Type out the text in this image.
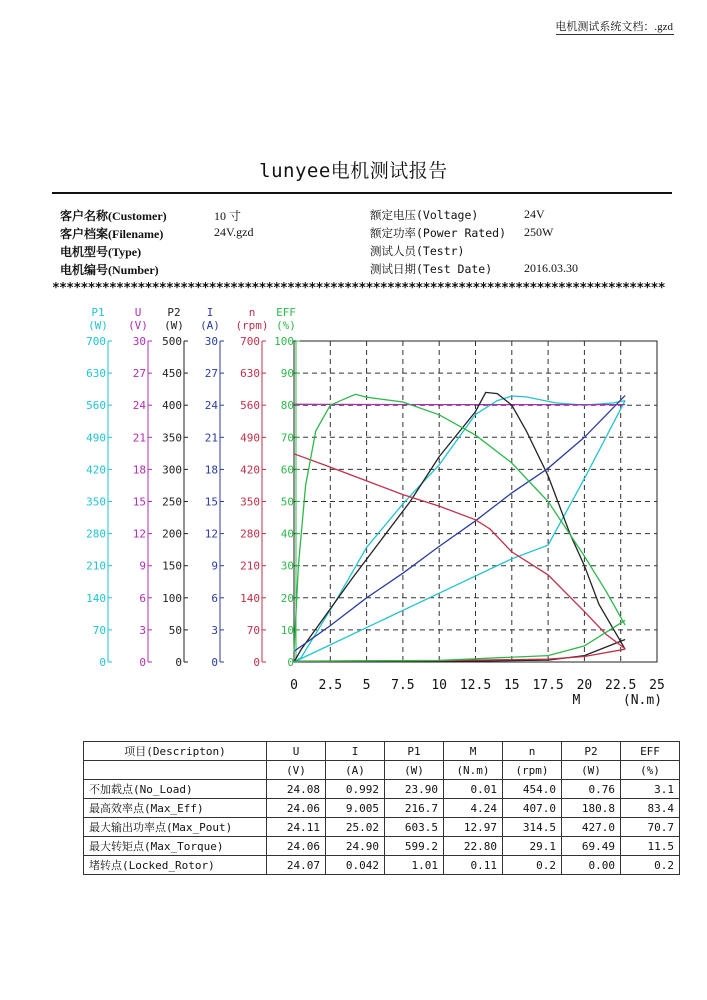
电机测试系统文档：.gzd
lunyee电机测试报告
客户名称(Customer)	10 寸
客户档案(Filename)	24V.gzd
电机型号(Type)
电机编号(Number)
额定电压(Voltage)	24V
额定功率(Power Rated) 250W
测试人员(Testr)
测试日期(Test Date)	2016.03.30
**************************************************************************************
P1
(W)
700
630
560
490
420
350
280
210
140
70
0
U
(V)
30
27
24
21
18
15
12
9
6
3
0
P2
(W)
500
450
400
350
300
250
200
150
100
50
0
I
(A)
30
27
24
21
18
15
12
9
6
3
0
n
(rpm)
700
630
560
490
420
350
280
210
140
70
0
EFF
(%)
100
90
80
70
60
50
40
30
20
10
0
0 2.5 5 7.5 10 12.5 15 17.5 20 22.5 25
M	(N.m)
项目(Descripton)	U	I	P1	M	n	P2	EFF
	(V)	(A)	(W)	(N.m)	(rpm)	(W)	(%)
不加载点(No_Load)	24.08	0.992	23.90	0.01	454.0	0.76	3.1
最高效率点(Max_Eff)	24.06	9.005	216.7	4.24	407.0	180.8	83.4
最大输出功率点(Max_Pout)	24.11	25.02	603.5	12.97	314.5	427.0	70.7
最大转矩点(Max_Torque)	24.06	24.90	599.2	22.80	29.1	69.49	11.5
堵转点(Locked_Rotor)	24.07	0.042	1.01	0.11	0.2	0.00	0.2
